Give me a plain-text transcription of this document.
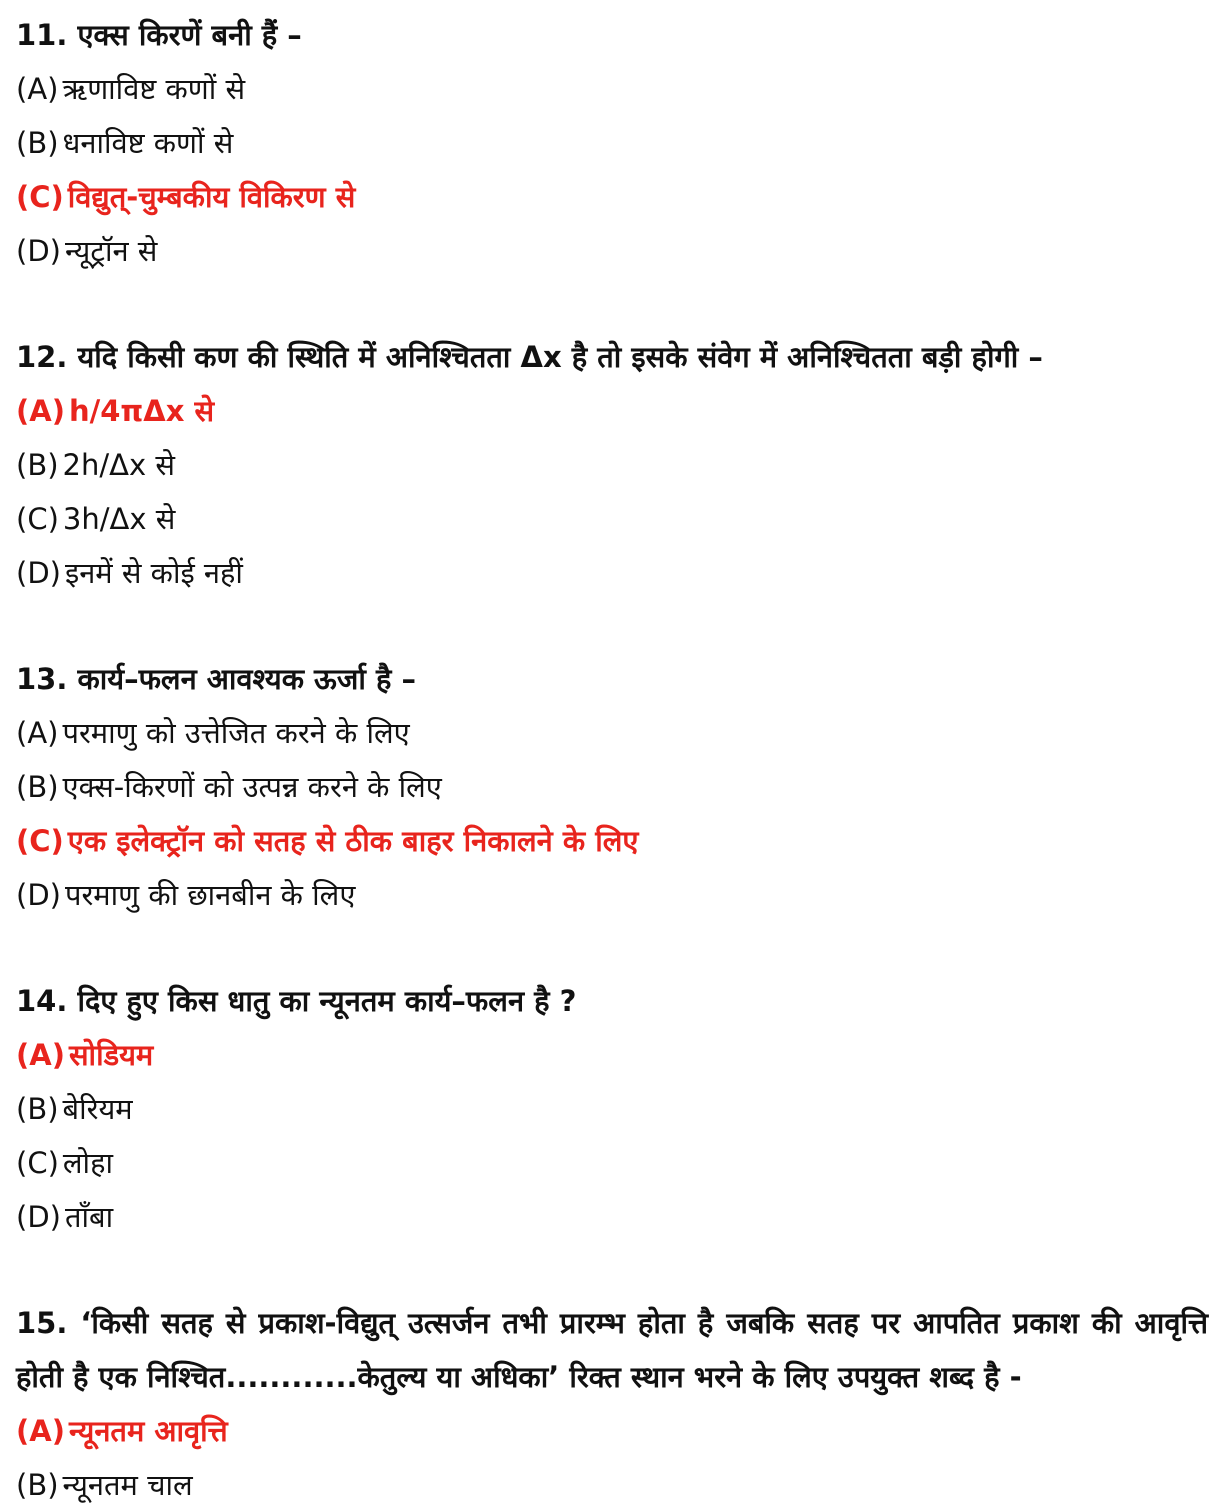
11. एक्स किरणें बनी हैं –
(A) ऋणाविष्ट कणों से
(B) धनाविष्ट कणों से
(C) विद्युत्-चुम्बकीय विकिरण से
(D) न्यूट्रॉन से
12. यदि किसी कण की स्थिति में अनिश्चितता Δx है तो इसके संवेग में अनिश्चितता बड़ी होगी –
(A) h/4πΔx से
(B) 2h/Δx से
(C) 3h/Δx से
(D) इनमें से कोई नहीं
13. कार्य–फलन आवश्यक ऊर्जा है –
(A) परमाणु को उत्तेजित करने के लिए
(B) एक्स-किरणों को उत्पन्न करने के लिए
(C) एक इलेक्ट्रॉन को सतह से ठीक बाहर निकालने के लिए
(D) परमाणु की छानबीन के लिए
14. दिए हुए किस धातु का न्यूनतम कार्य–फलन है ?
(A) सोडियम
(B) बेरियम
(C) लोहा
(D) ताँबा
15. ‘किसी सतह से प्रकाश-विद्युत् उत्सर्जन तभी प्रारम्भ होता है जबकि सतह पर आपतित प्रकाश की आवृत्ति होती है एक निश्चित............केतुल्य या अधिका’ रिक्त स्थान भरने के लिए उपयुक्त शब्द है -
(A) न्यूनतम आवृत्ति
(B) न्यूनतम चाल
